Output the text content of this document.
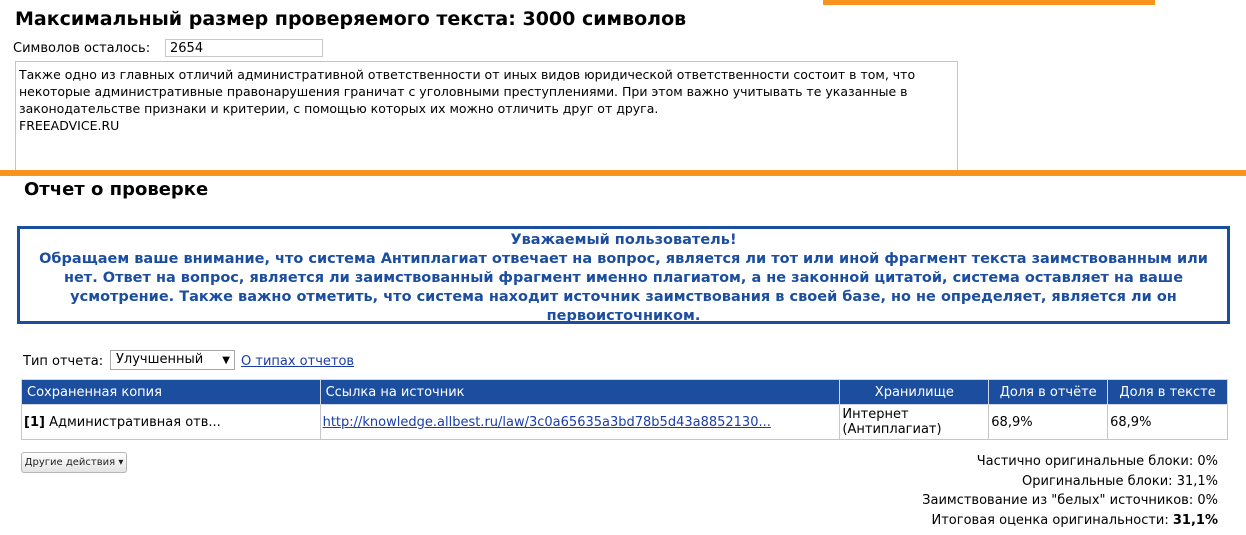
Максимальный размер проверяемого текста: 3000 символов
Символов осталось:	2654
Также одно из главных отличий административной ответственности от иных видов юридической ответственности состоит в том, что
некоторые административные правонарушения граничат с уголовными преступлениями. При этом важно учитывать те указанные в
законодательстве признаки и критерии, с помощью которых их можно отличить друг от друга.
FREEADVICE.RU
Отчет о проверке
Уважаемый пользователь!
Обращаем ваше внимание, что система Антиплагиат отвечает на вопрос, является ли тот или иной фрагмент текста заимствованным или нет. Ответ на вопрос, является ли заимствованный фрагмент именно плагиатом, а не законной цитатой, система оставляет на ваше усмотрение. Также важно отметить, что система находит источник заимствования в своей базе, но не определяет, является ли он первоисточником.
Тип отчета: Улучшенный ▼ О типах отчетов
Сохраненная копия	Ссылка на источник	Хранилище	Доля в отчёте	Доля в тексте
[1] Административная отв...	http://knowledge.allbest.ru/law/3c0a65635a3bd78b5d43a8852130...	Интернет (Антиплагиат)	68,9%	68,9%
Другие действия ▾	Частично оригинальные блоки: 0%
Оригинальные блоки: 31,1%
Заимствование из "белых" источников: 0%
Итоговая оценка оригинальности: 31,1%
